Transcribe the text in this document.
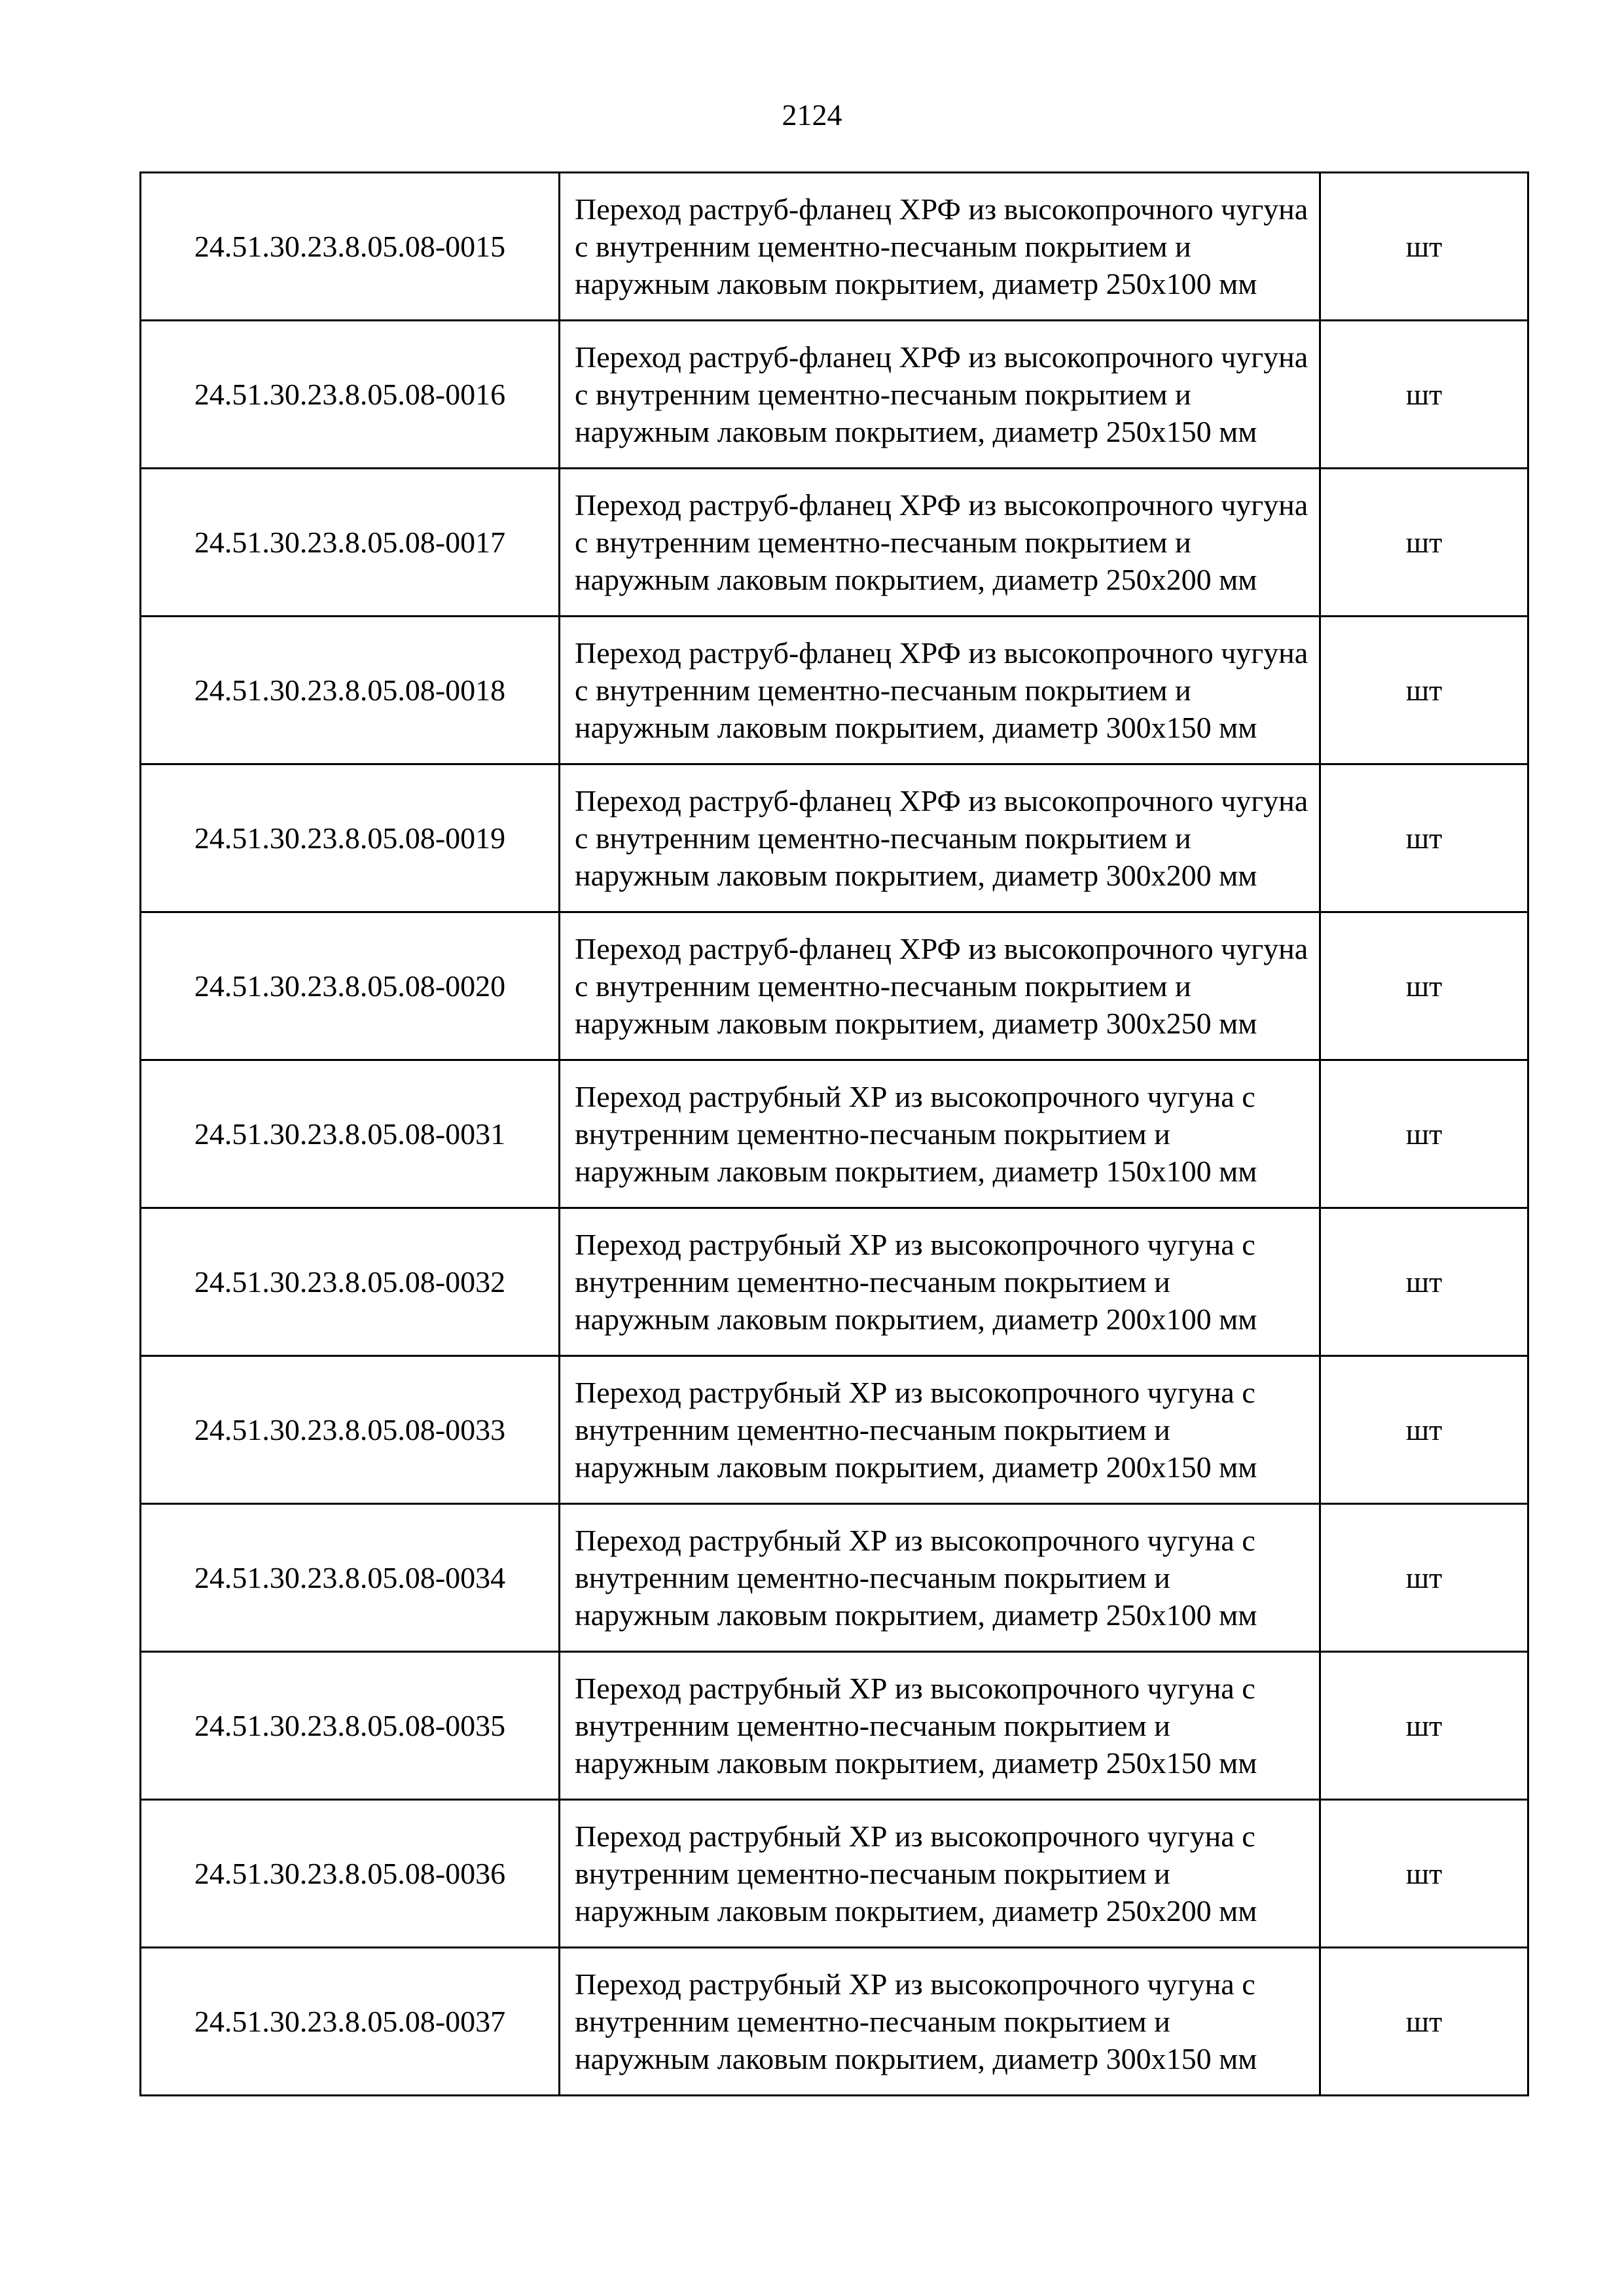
2124
24.51.30.23.8.05.08-0015	Переход раструб-фланец ХРФ из высокопрочного чугуна с внутренним цементно-песчаным покрытием и наружным лаковым покрытием, диаметр 250х100 мм	шт
24.51.30.23.8.05.08-0016	Переход раструб-фланец ХРФ из высокопрочного чугуна с внутренним цементно-песчаным покрытием и наружным лаковым покрытием, диаметр 250х150 мм	шт
24.51.30.23.8.05.08-0017	Переход раструб-фланец ХРФ из высокопрочного чугуна с внутренним цементно-песчаным покрытием и наружным лаковым покрытием, диаметр 250х200 мм	шт
24.51.30.23.8.05.08-0018	Переход раструб-фланец ХРФ из высокопрочного чугуна с внутренним цементно-песчаным покрытием и наружным лаковым покрытием, диаметр 300х150 мм	шт
24.51.30.23.8.05.08-0019	Переход раструб-фланец ХРФ из высокопрочного чугуна с внутренним цементно-песчаным покрытием и наружным лаковым покрытием, диаметр 300х200 мм	шт
24.51.30.23.8.05.08-0020	Переход раструб-фланец ХРФ из высокопрочного чугуна с внутренним цементно-песчаным покрытием и наружным лаковым покрытием, диаметр 300х250 мм	шт
24.51.30.23.8.05.08-0031	Переход раструбный ХР из высокопрочного чугуна с внутренним цементно-песчаным покрытием и наружным лаковым покрытием, диаметр 150х100 мм	шт
24.51.30.23.8.05.08-0032	Переход раструбный ХР из высокопрочного чугуна с внутренним цементно-песчаным покрытием и наружным лаковым покрытием, диаметр 200х100 мм	шт
24.51.30.23.8.05.08-0033	Переход раструбный ХР из высокопрочного чугуна с внутренним цементно-песчаным покрытием и наружным лаковым покрытием, диаметр 200х150 мм	шт
24.51.30.23.8.05.08-0034	Переход раструбный ХР из высокопрочного чугуна с внутренним цементно-песчаным покрытием и наружным лаковым покрытием, диаметр 250х100 мм	шт
24.51.30.23.8.05.08-0035	Переход раструбный ХР из высокопрочного чугуна с внутренним цементно-песчаным покрытием и наружным лаковым покрытием, диаметр 250х150 мм	шт
24.51.30.23.8.05.08-0036	Переход раструбный ХР из высокопрочного чугуна с внутренним цементно-песчаным покрытием и наружным лаковым покрытием, диаметр 250х200 мм	шт
24.51.30.23.8.05.08-0037	Переход раструбный ХР из высокопрочного чугуна с внутренним цементно-песчаным покрытием и наружным лаковым покрытием, диаметр 300х150 мм	шт
